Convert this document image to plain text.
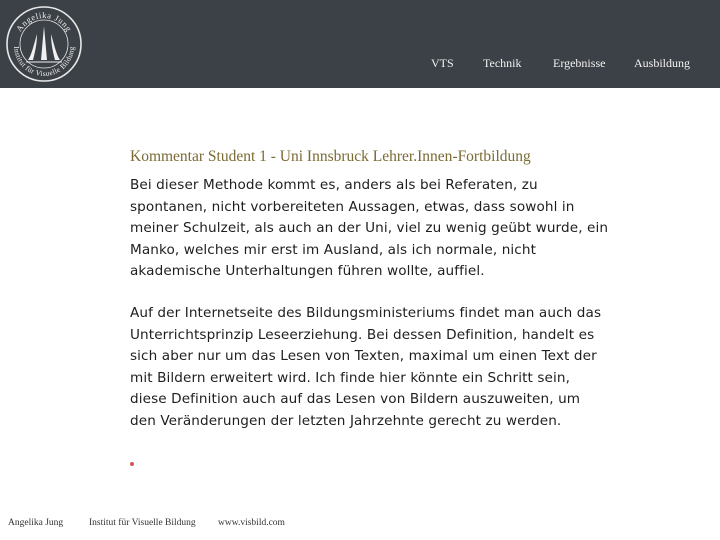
Angelika Jung
Institut für Visuelle Bildung
VTS Technik	Ergebnisse Ausbildung
Kommentar Student 1 - Uni Innsbruck Lehrer.Innen-Fortbildung

Bei dieser Methode kommt es, anders als bei Referaten, zu spontanen, nicht vorbereiteten Aussagen, etwas, dass sowohl in meiner Schulzeit, als auch an der Uni, viel zu wenig geübt wurde, ein Manko, welches mir erst im Ausland, als ich normale, nicht akademische Unterhaltungen führen wollte, auffiel.

Auf der Internetseite des Bildungsministeriums findet man auch das Unterrichtsprinzip Leseerziehung. Bei dessen Definition, handelt es sich aber nur um das Lesen von Texten, maximal um einen Text der mit Bildern erweitert wird. Ich finde hier könnte ein Schritt sein, diese Definition auch auf das Lesen von Bildern auszuweiten, um den Veränderungen der letzten Jahrzehnte gerecht zu werden.

Angelika Jung	Institut für Visuelle Bildung www.visbild.com
